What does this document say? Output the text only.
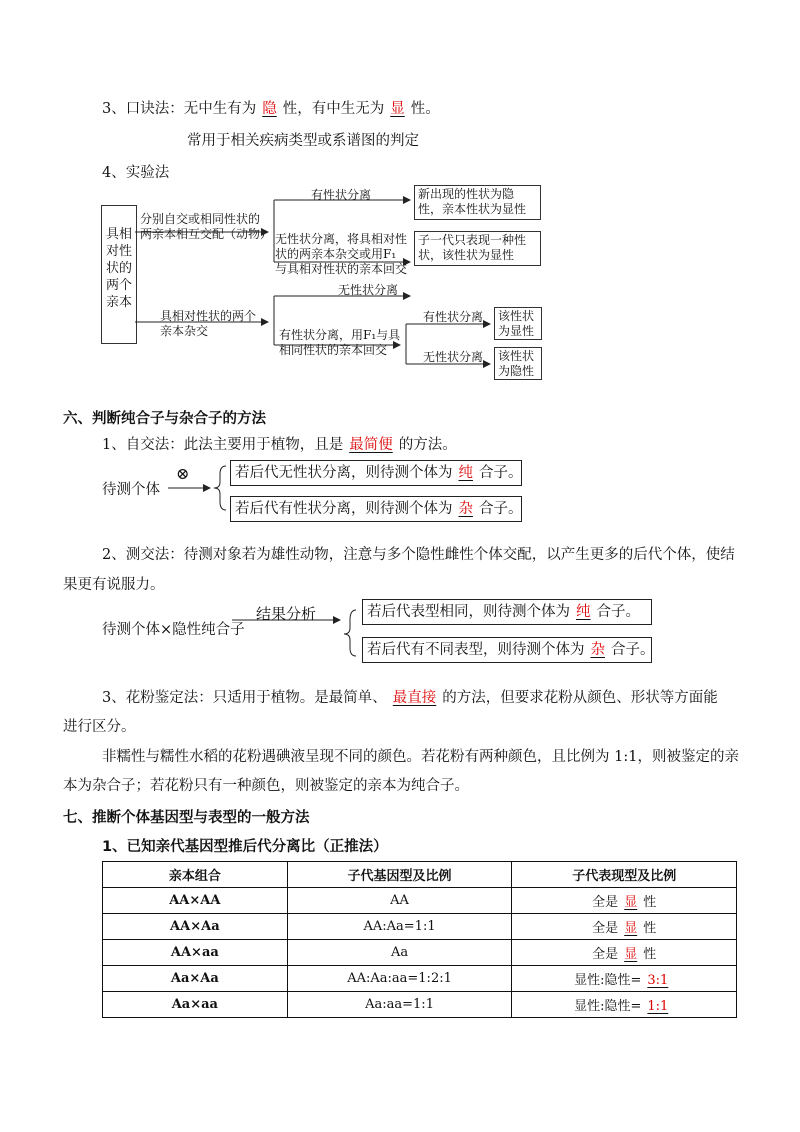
3、口诀法：无中生有为 隐 性，有中生无为 显 性。
常用于相关疾病类型或系谱图的判定
4、实验法
具相对性状的两个亲本
分别自交或相同性状的两亲本相互交配（动物）
有性状分离	新出现的性状为隐性，亲本性状为显性
无性状分离，将具相对性状的两亲本杂交或用F₁与具相对性状的亲本回交
子一代只表现一种性状，该性状为显性
无性状分离
具相对性状的两个亲本杂交	有性状分离，用F₁与具相同性状的亲本回交
有性状分离 该性状为显性
无性状分离 该性状为隐性
六、判断纯合子与杂合子的方法
1、自交法：此法主要用于植物，且是 最简便 的方法。
⊗
待测个体
若后代无性状分离，则待测个体为 纯 合子。
若后代有性状分离，则待测个体为 杂 合子。
2、测交法：待测对象若为雄性动物，注意与多个隐性雌性个体交配，以产生更多的后代个体，使结
果更有说服力。
待测个体×隐性纯合子
结果分析	若后代表型相同，则待测个体为 纯 合子。
若后代有不同表型，则待测个体为 杂 合子。
3、花粉鉴定法：只适用于植物。是最简单、 最直接 的方法，但要求花粉从颜色、形状等方面能
进行区分。
非糯性与糯性水稻的花粉遇碘液呈现不同的颜色。若花粉有两种颜色，且比例为 1:1，则被鉴定的亲
本为杂合子；若花粉只有一种颜色，则被鉴定的亲本为纯合子。
七、推断个体基因型与表型的一般方法
1、已知亲代基因型推后代分离比（正推法）
亲本组合	子代基因型及比例	子代表现型及比例
AA×AA	AA	全是 显 性
AA×Aa	AA:Aa=1:1	全是 显 性
AA×aa	Aa	全是 显 性
Aa×Aa	AA:Aa:aa=1:2:1	显性:隐性= 3:1
Aa×aa	Aa:aa=1:1	显性:隐性= 1:1
